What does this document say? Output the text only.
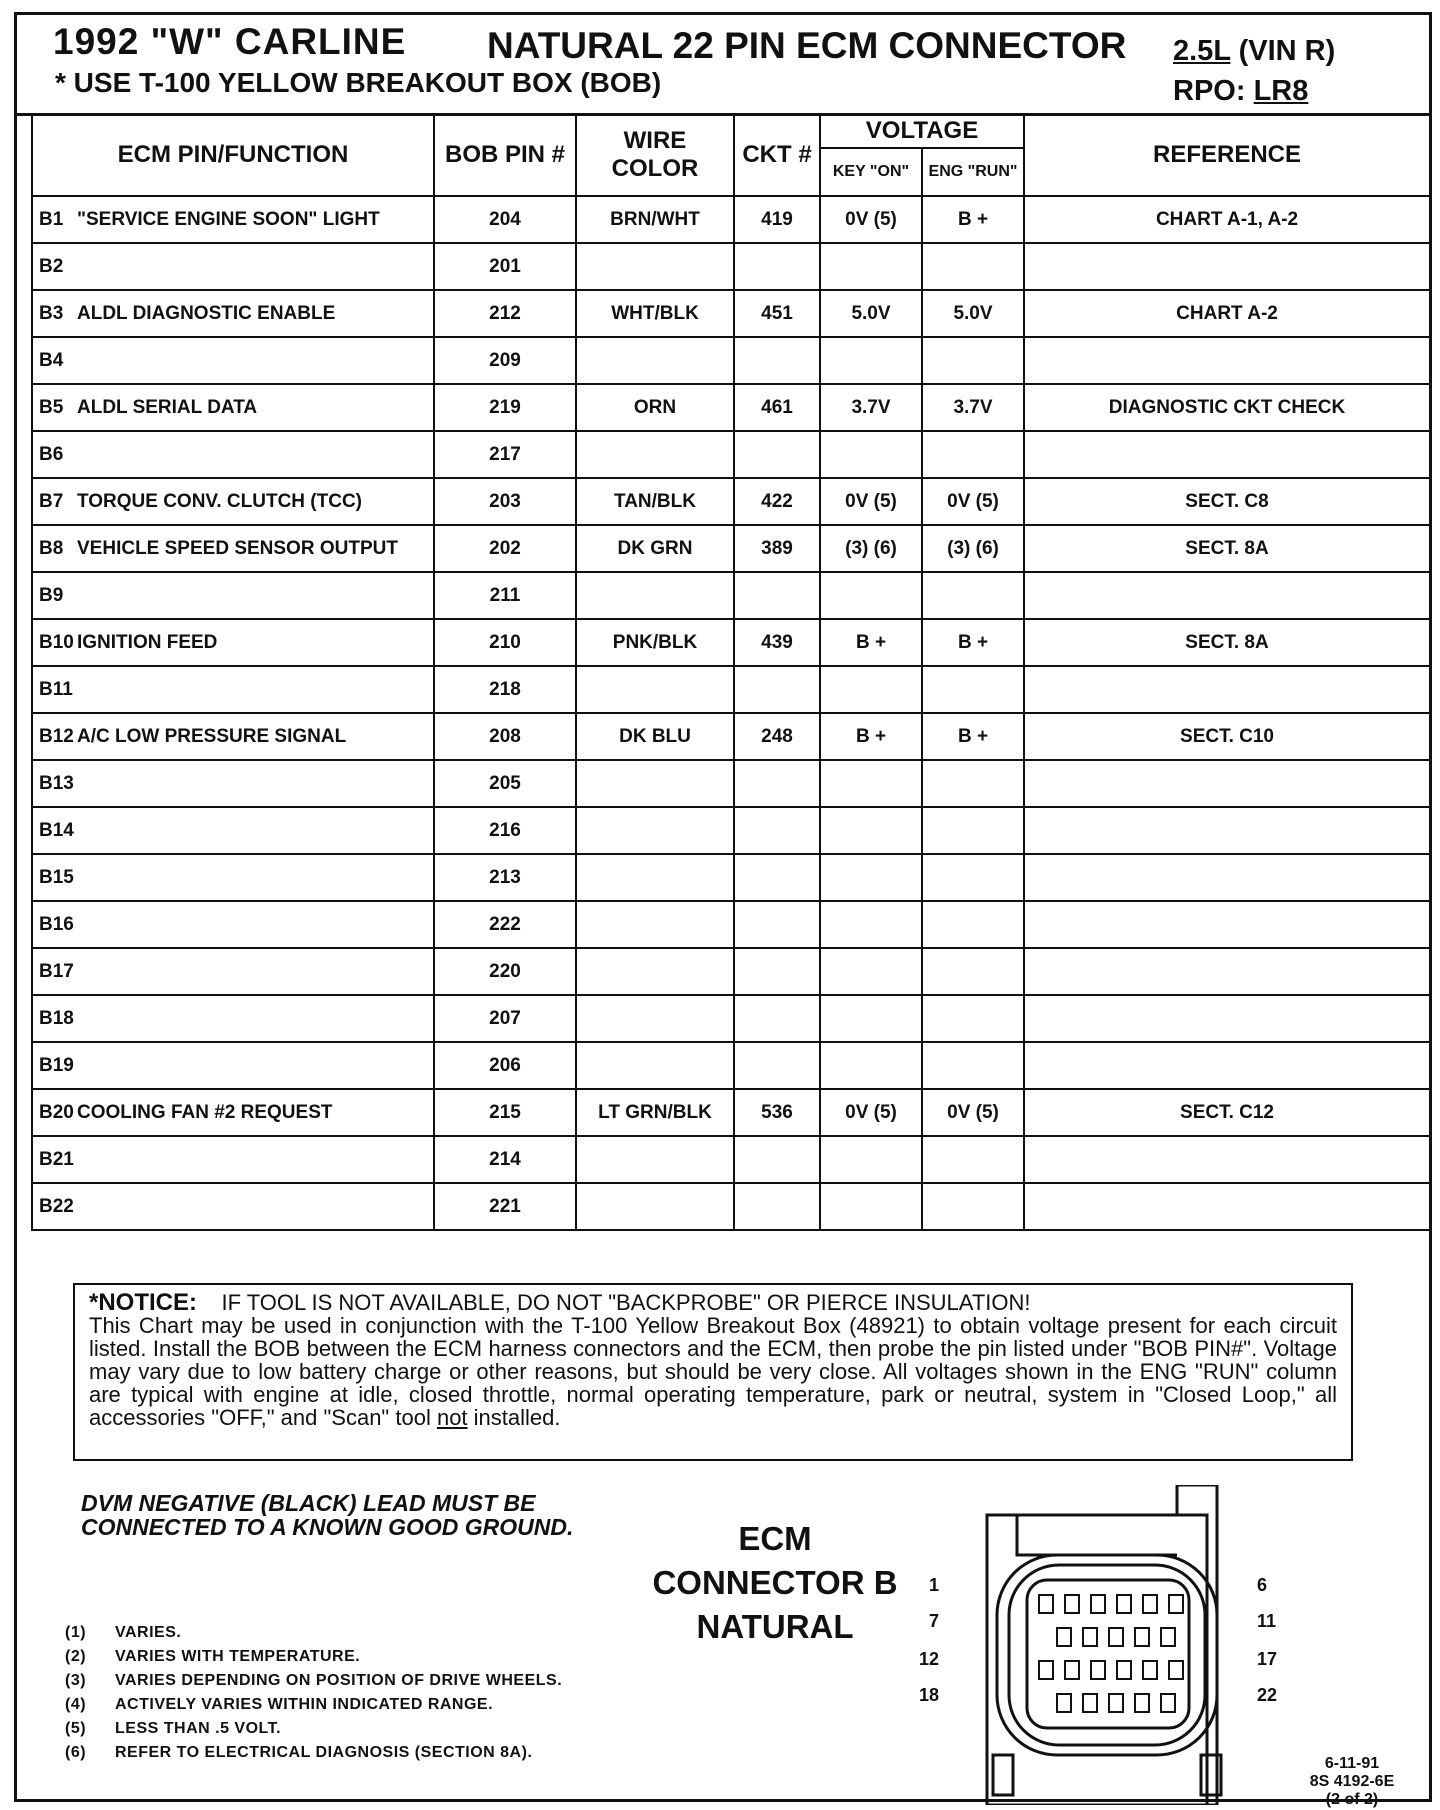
1992 "W" CARLINE NATURAL 22 PIN ECM CONNECTOR
* USE T-100 YELLOW BREAKOUT BOX (BOB)
2.5L (VIN R)
RPO: LR8
ECM PIN/FUNCTION	BOB PIN #	WIRE COLOR	CKT #	VOLTAGE		REFERENCE
				KEY "ON"	ENG "RUN"	
B1 "SERVICE ENGINE SOON" LIGHT	204	BRN/WHT	419	0V (5)	B +	CHART A-1, A-2
B2	201					
B3 ALDL DIAGNOSTIC ENABLE	212	WHT/BLK	451	5.0V	5.0V	CHART A-2
B4	209					
B5 ALDL SERIAL DATA	219	ORN	461	3.7V	3.7V	DIAGNOSTIC CKT CHECK
B6	217					
B7 TORQUE CONV. CLUTCH (TCC)	203	TAN/BLK	422	0V (5)	0V (5)	SECT. C8
B8 VEHICLE SPEED SENSOR OUTPUT	202	DK GRN	389	(3) (6)	(3) (6)	SECT. 8A
B9	211					
B10 IGNITION FEED	210	PNK/BLK	439	B +	B +	SECT. 8A
B11	218					
B12 A/C LOW PRESSURE SIGNAL	208	DK BLU	248	B +	B +	SECT. C10
B13	205					
B14	216					
B15	213					
B16	222					
B17	220					
B18	207					
B19	206					
B20 COOLING FAN #2 REQUEST	215	LT GRN/BLK	536	0V (5)	0V (5)	SECT. C12
B21	214					
B22	221					
*NOTICE: IF TOOL IS NOT AVAILABLE, DO NOT "BACKPROBE" OR PIERCE INSULATION!
This Chart may be used in conjunction with the T-100 Yellow Breakout Box (48921) to obtain voltage present for each circuit listed. Install the BOB between the ECM harness connectors and the ECM, then probe the pin listed under "BOB PIN#". Voltage may vary due to low battery charge or other reasons, but should be very close. All voltages shown in the ENG "RUN" column are typical with engine at idle, closed throttle, normal operating temperature, park or neutral, system in "Closed Loop," all accessories "OFF," and "Scan" tool not installed.
DVM NEGATIVE (BLACK) LEAD MUST BE
CONNECTED TO A KNOWN GOOD GROUND.	ECM
CONNECTOR B
NATURAL
(1) VARIES.
(2) VARIES WITH TEMPERATURE.
(3) VARIES DEPENDING ON POSITION OF DRIVE WHEELS.
(4) ACTIVELY VARIES WITHIN INDICATED RANGE.
(5) LESS THAN .5 VOLT.
(6) REFER TO ELECTRICAL DIAGNOSIS (SECTION 8A).
1
7
12
18
6
11
17
22
6-11-91
8S 4192-6E
(2 of 2)
